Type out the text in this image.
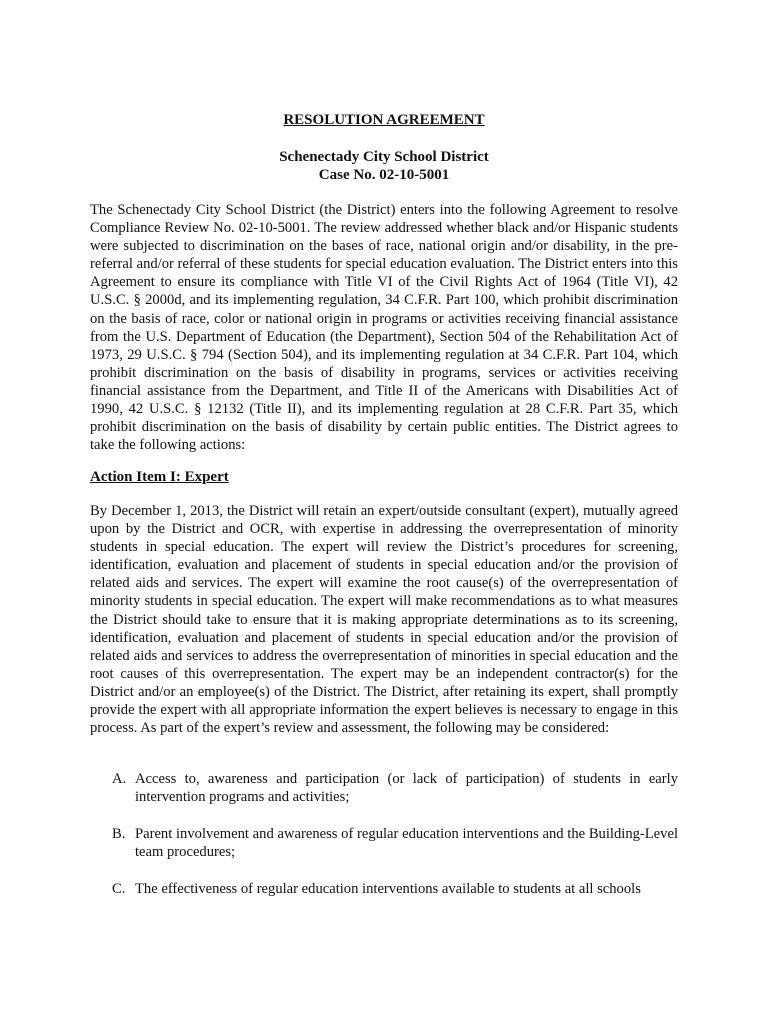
RESOLUTION AGREEMENT
Schenectady City School District
Case No. 02-10-5001
The Schenectady City School District (the District) enters into the following Agreement to resolve Compliance Review No. 02-10-5001. The review addressed whether black and/or Hispanic students were subjected to discrimination on the bases of race, national origin and/or disability, in the pre-referral and/or referral of these students for special education evaluation. The District enters into this Agreement to ensure its compliance with Title VI of the Civil Rights Act of 1964 (Title VI), 42 U.S.C. § 2000d, and its implementing regulation, 34 C.F.R. Part 100, which prohibit discrimination on the basis of race, color or national origin in programs or activities receiving financial assistance from the U.S. Department of Education (the Department), Section 504 of the Rehabilitation Act of 1973, 29 U.S.C. § 794 (Section 504), and its implementing regulation at 34 C.F.R. Part 104, which prohibit discrimination on the basis of disability in programs, services or activities receiving financial assistance from the Department, and Title II of the Americans with Disabilities Act of 1990, 42 U.S.C. § 12132 (Title II), and its implementing regulation at 28 C.F.R. Part 35, which prohibit discrimination on the basis of disability by certain public entities. The District agrees to take the following actions:
Action Item I: Expert
By December 1, 2013, the District will retain an expert/outside consultant (expert), mutually agreed upon by the District and OCR, with expertise in addressing the overrepresentation of minority students in special education. The expert will review the District’s procedures for screening, identification, evaluation and placement of students in special education and/or the provision of related aids and services. The expert will examine the root cause(s) of the overrepresentation of minority students in special education. The expert will make recommendations as to what measures the District should take to ensure that it is making appropriate determinations as to its screening, identification, evaluation and placement of students in special education and/or the provision of related aids and services to address the overrepresentation of minorities in special education and the root causes of this overrepresentation. The expert may be an independent contractor(s) for the District and/or an employee(s) of the District. The District, after retaining its expert, shall promptly provide the expert with all appropriate information the expert believes is necessary to engage in this process. As part of the expert’s review and assessment, the following may be considered:
A. Access to, awareness and participation (or lack of participation) of students in early intervention programs and activities;
B. Parent involvement and awareness of regular education interventions and the Building-Level team procedures;
C. The effectiveness of regular education interventions available to students at all schools
